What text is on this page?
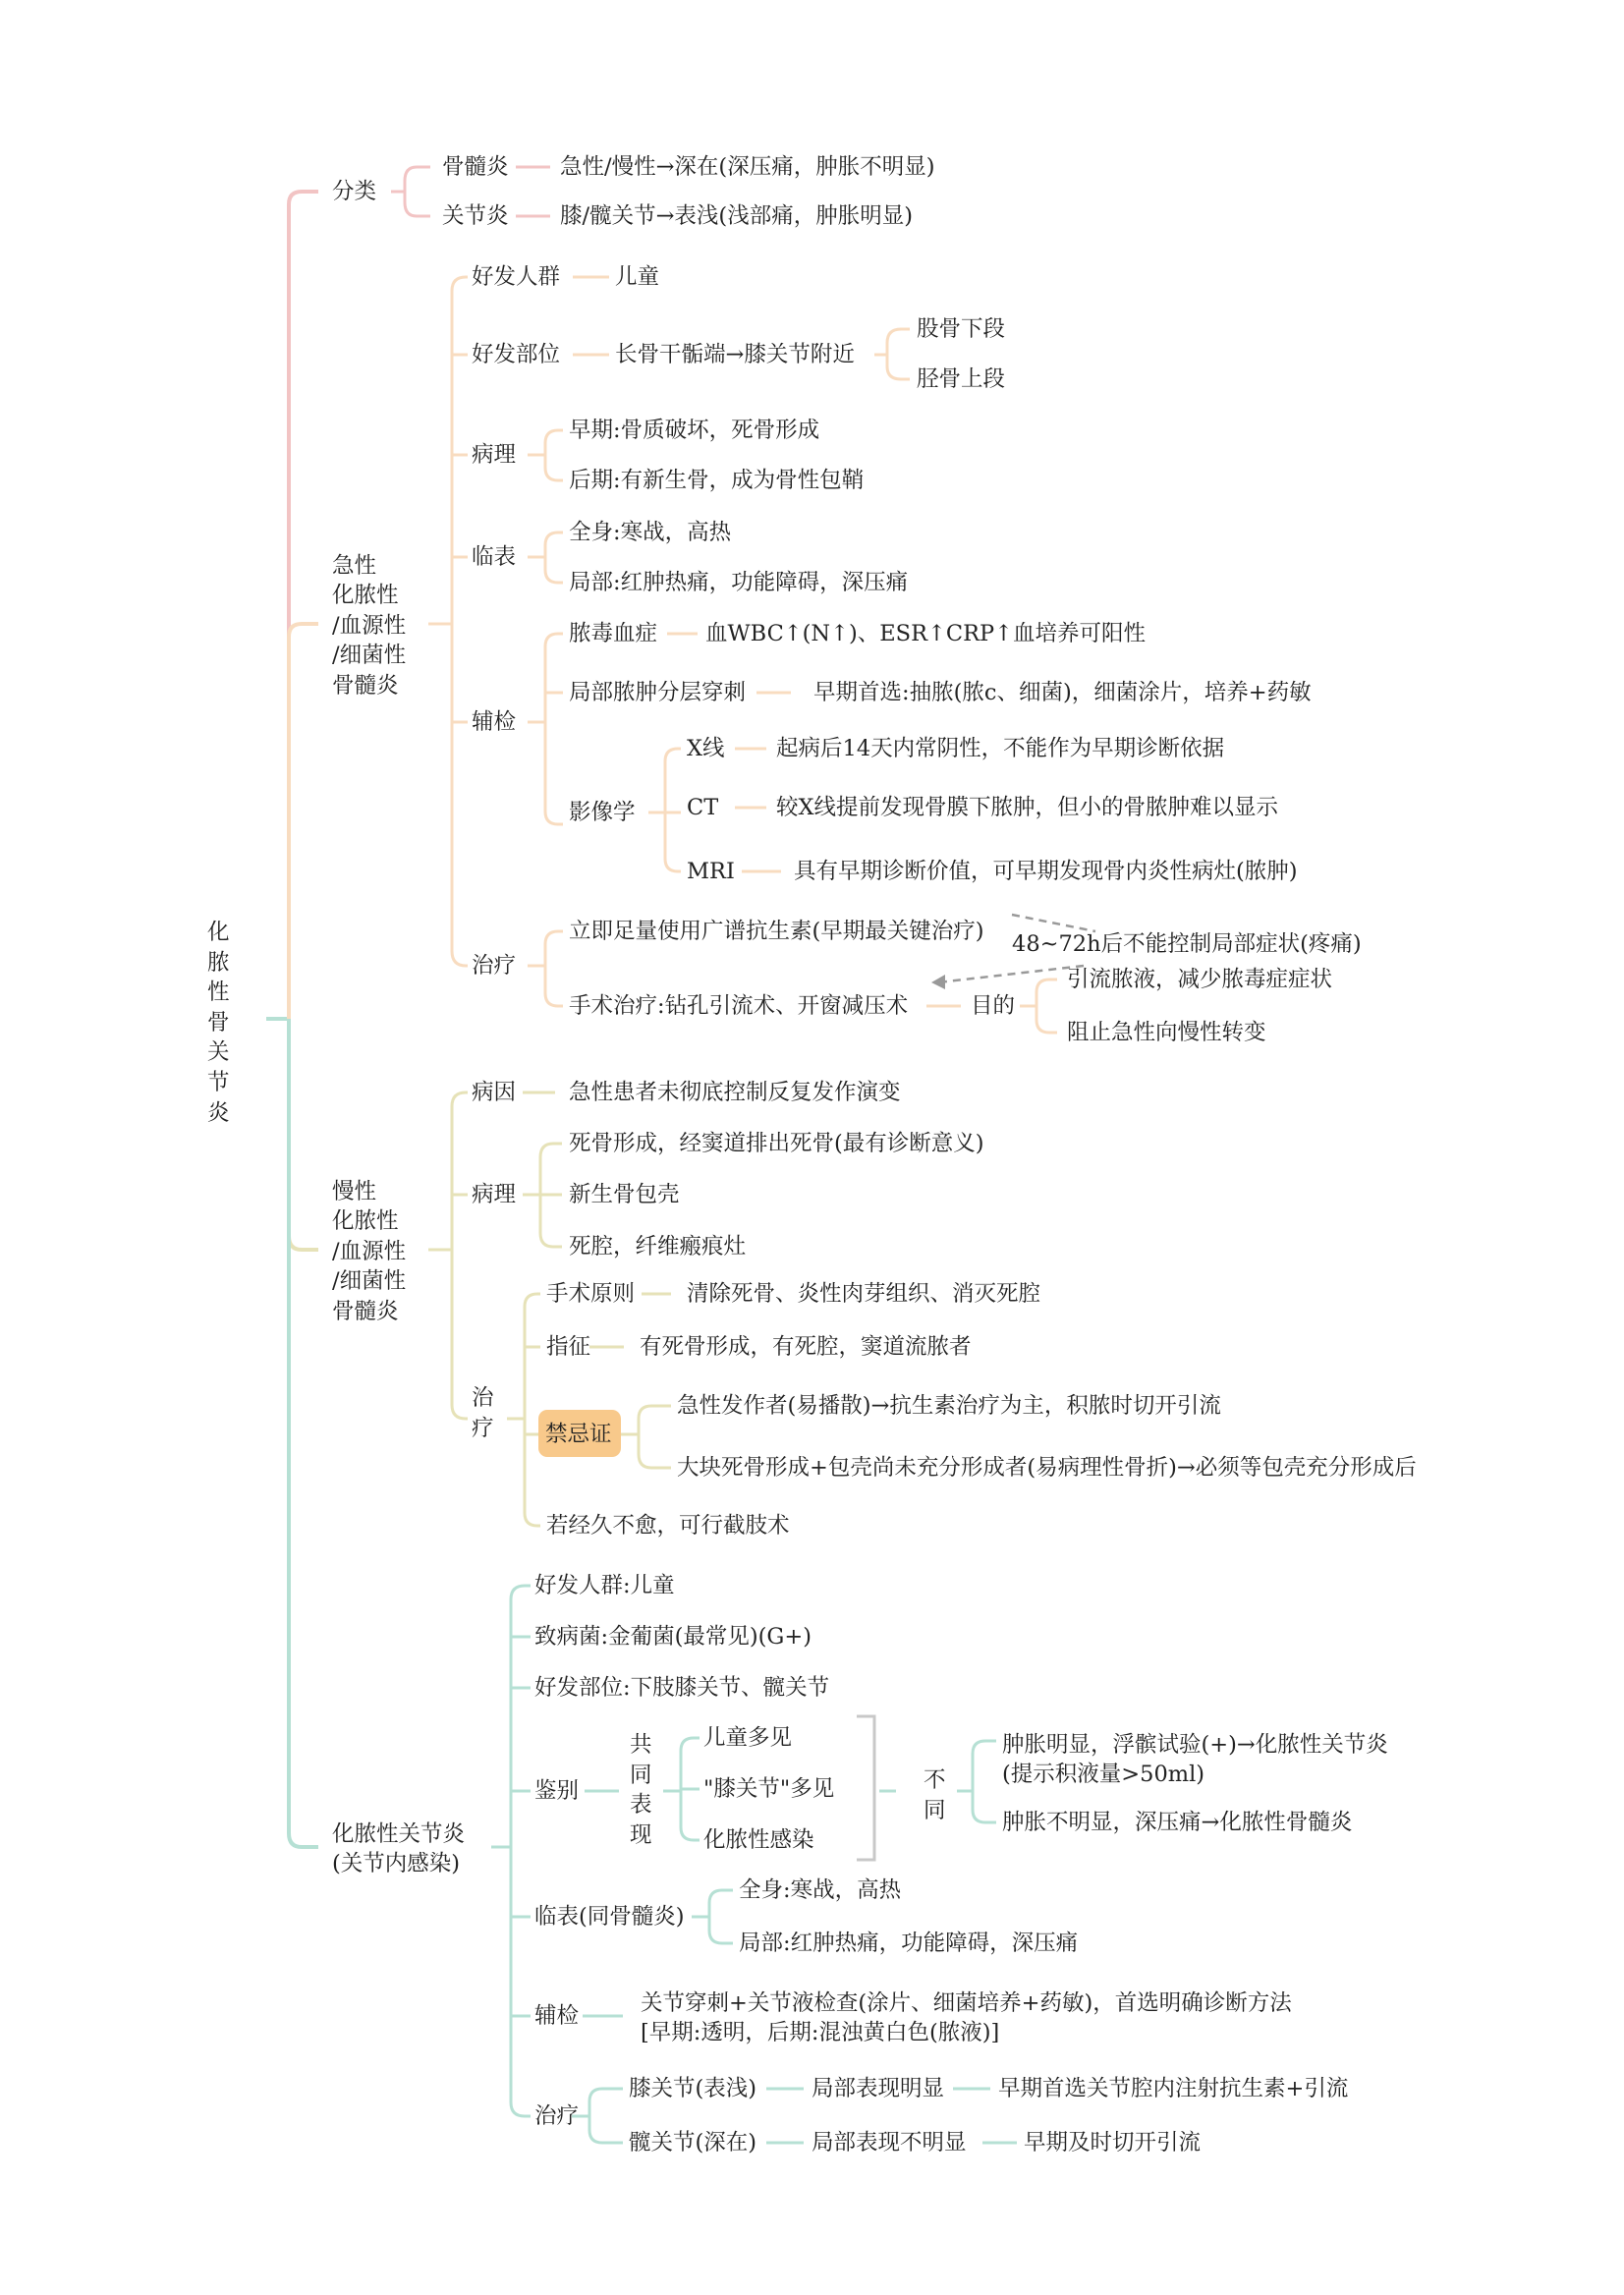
化
脓
性
骨
关
节
炎
分类
骨髓炎 急性/慢性→深在(深压痛，肿胀不明显)
关节炎 膝/髋关节→表浅(浅部痛，肿胀明显)
急性
化脓性
/血源性
/细菌性
骨髓炎
好发人群 儿童
好发部位 长骨干骺端→膝关节附近
股骨下段
胫骨上段
病理
早期:骨质破坏，死骨形成
后期:有新生骨，成为骨性包鞘
临表
全身:寒战，高热
局部:红肿热痛，功能障碍，深压痛
辅检
脓毒血症 血WBC↑(N↑)、ESR↑CRP↑血培养可阳性
局部脓肿分层穿刺	早期首选:抽脓(脓c、细菌)，细菌涂片，培养+药敏
影像学
X线 起病后14天内常阴性，不能作为早期诊断依据
CT	较X线提前发现骨膜下脓肿，但小的骨脓肿难以显示
MRI	具有早期诊断价值，可早期发现骨内炎性病灶(脓肿)
治疗
立即足量使用广谱抗生素(早期最关键治疗) 48~72h后不能控制局部症状(疼痛)
手术治疗:钻孔引流术、开窗减压术	目的
引流脓液，减少脓毒症症状
阻止急性向慢性转变
慢性
化脓性
/血源性
/细菌性
骨髓炎
病因 急性患者未彻底控制反复发作演变
病理
死骨形成，经窦道排出死骨(最有诊断意义)
新生骨包壳
死腔，纤维瘢痕灶
治
疗
手术原则 清除死骨、炎性肉芽组织、消灭死腔
指征 有死骨形成，有死腔，窦道流脓者
禁忌证
急性发作者(易播散)→抗生素治疗为主，积脓时切开引流
大块死骨形成+包壳尚未充分形成者(易病理性骨折)→必须等包壳充分形成后
若经久不愈，可行截肢术
化脓性关节炎
(关节内感染)
好发人群:儿童
致病菌:金葡菌(最常见)(G+)
好发部位:下肢膝关节、髋关节
鉴别
共
同
表
现
儿童多见
"膝关节"多见
化脓性感染
不
同
肿胀明显，浮髌试验(+)→化脓性关节炎
(提示积液量>50ml)
肿胀不明显，深压痛→化脓性骨髓炎
临表(同骨髓炎)
全身:寒战，高热
局部:红肿热痛，功能障碍，深压痛
辅检	关节穿刺+关节液检查(涂片、细菌培养+药敏)，首选明确诊断方法
[早期:透明，后期:混浊黄白色(脓液)]
治疗
膝关节(表浅) 局部表现明显 早期首选关节腔内注射抗生素+引流
髋关节(深在) 局部表现不明显	早期及时切开引流
